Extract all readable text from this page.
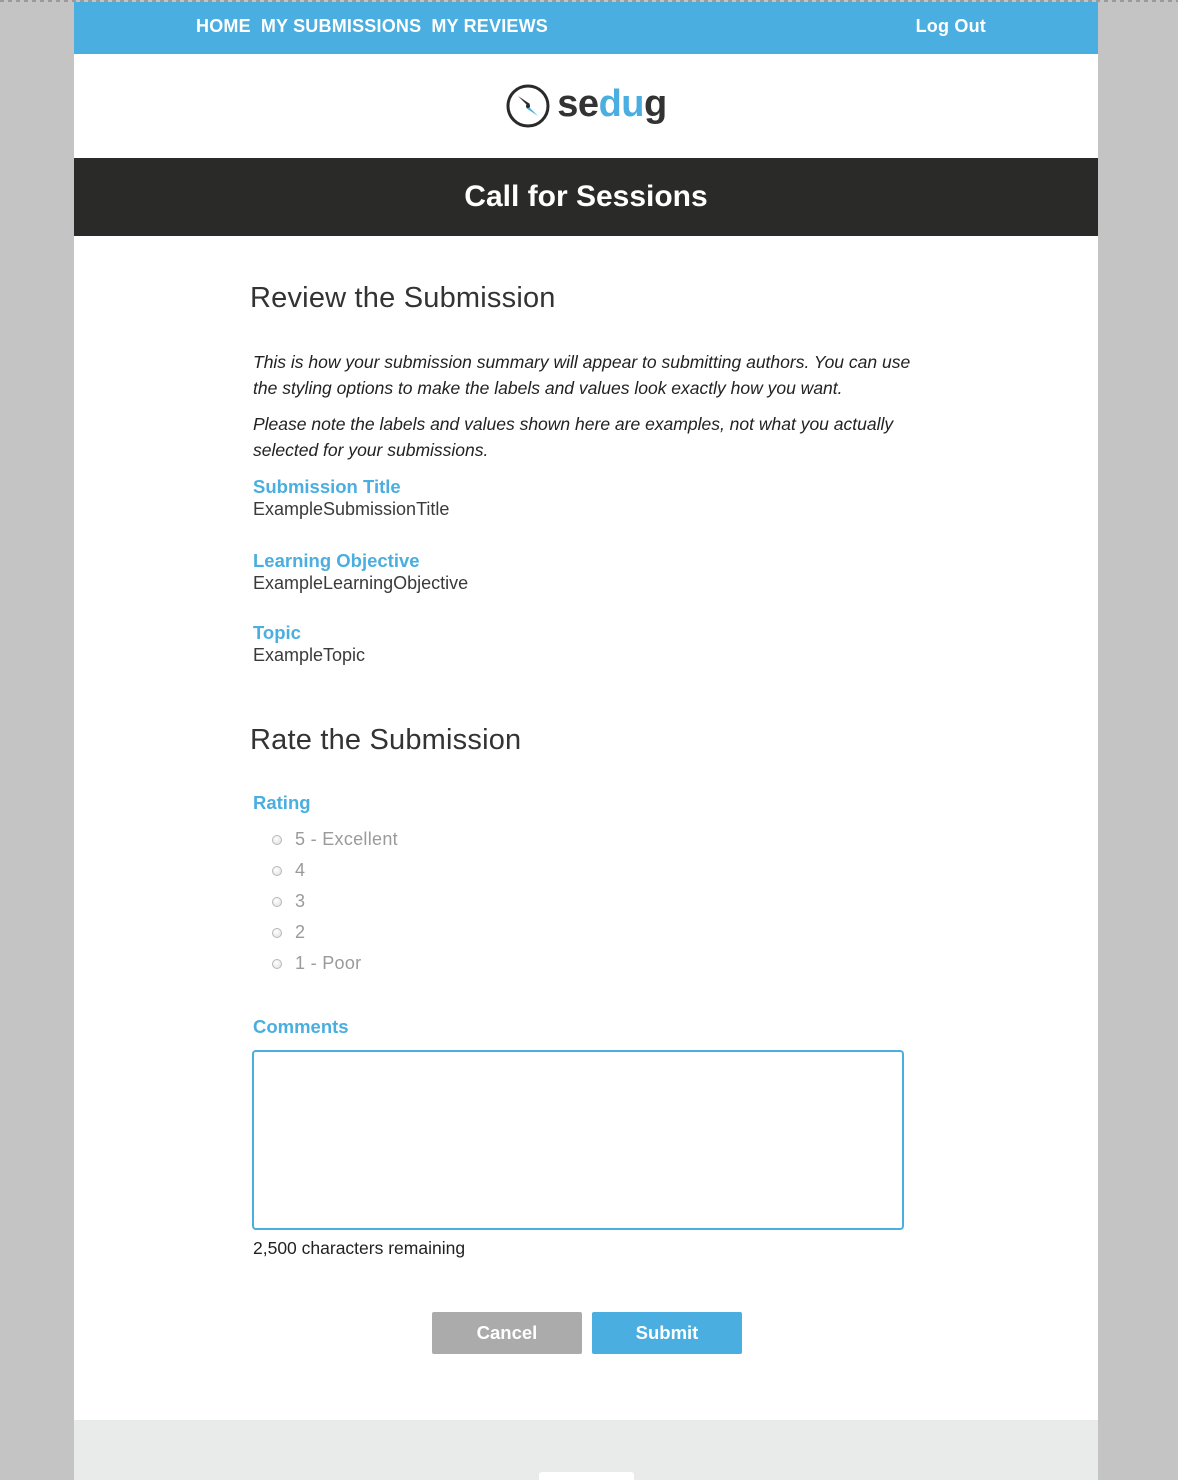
HOME MY SUBMISSIONS MY REVIEWS	Log Out
sedug
Call for Sessions
Review the Submission

This is how your submission summary will appear to submitting authors. You can use the styling options to make the labels and values look exactly how you want.

Please note the labels and values shown here are examples, not what you actually selected for your submissions.

Submission Title
ExampleSubmissionTitle
Learning Objective
ExampleLearningObjective
Topic
ExampleTopic
Rate the Submission
Rating
5 - Excellent
4
3
2
1 - Poor
Comments
2,500 characters remaining
Cancel	Submit
